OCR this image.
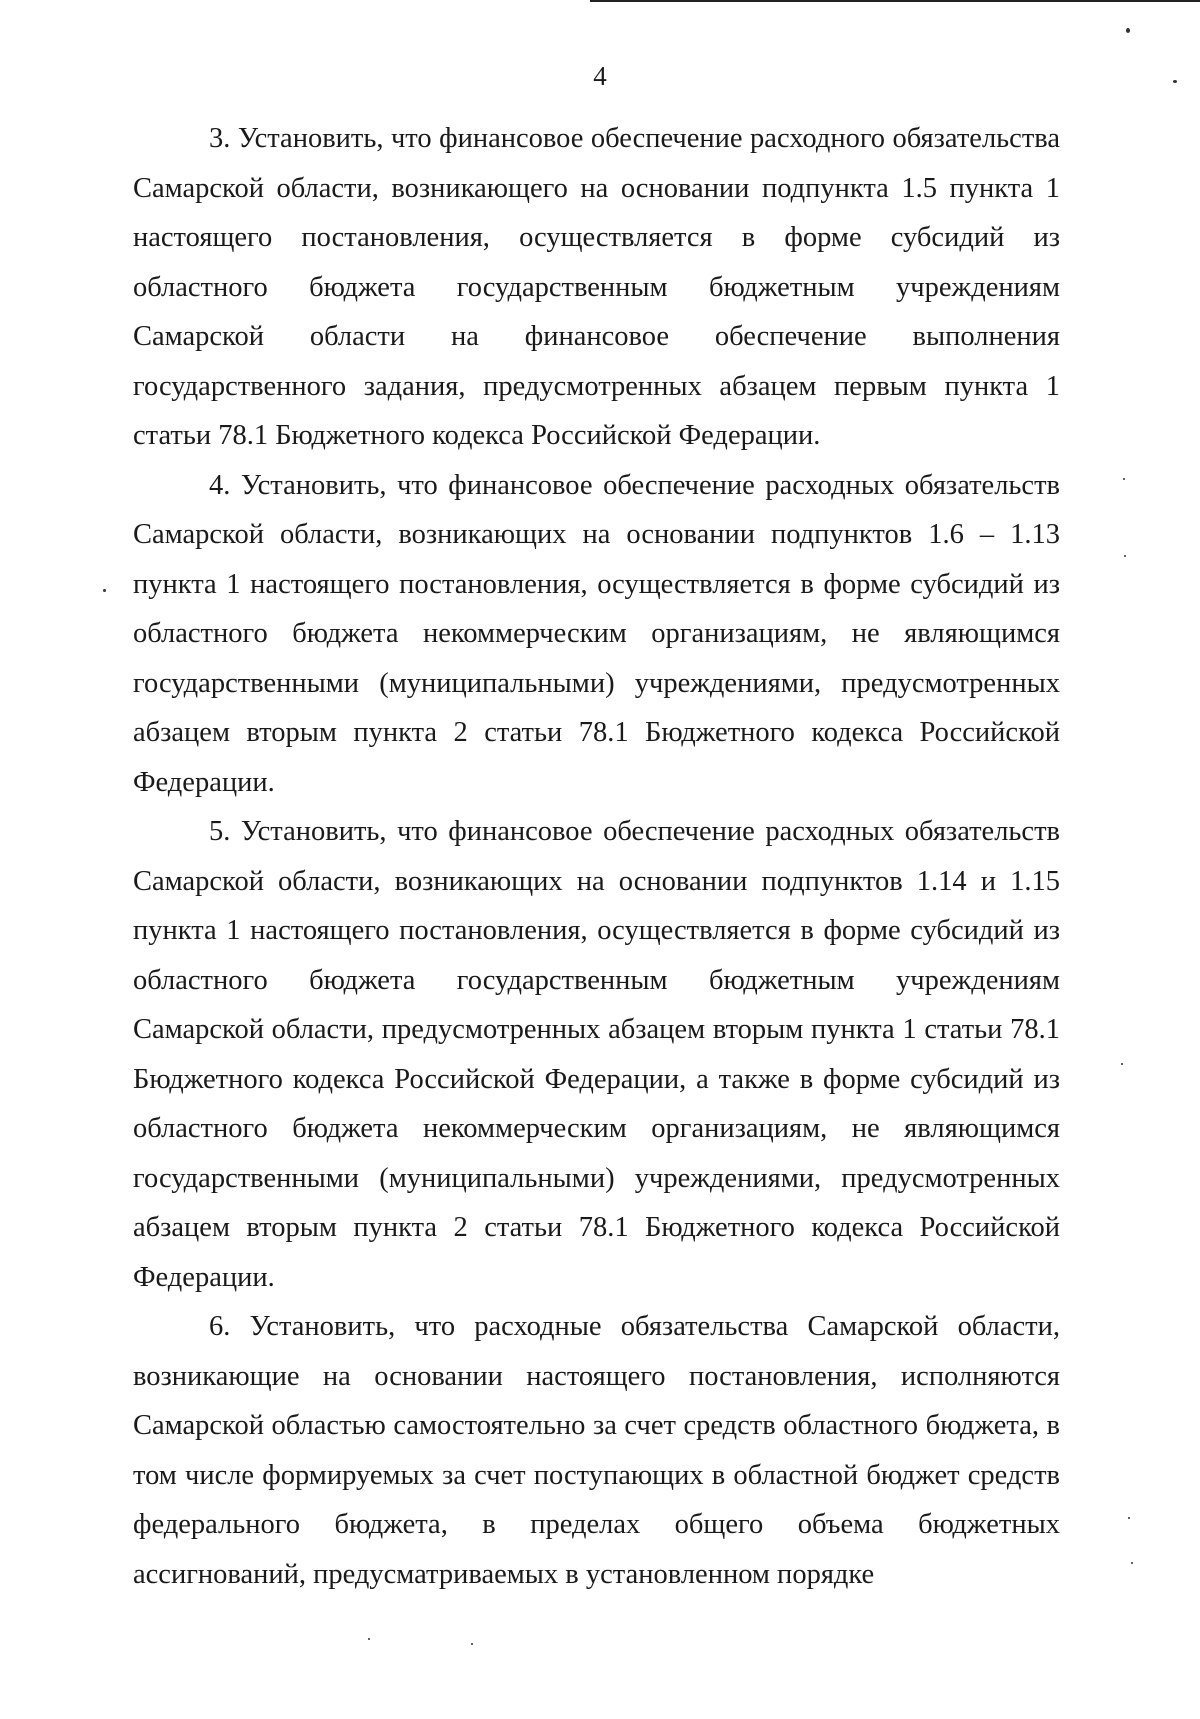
4

3. Установить, что финансовое обеспечение расходного обязательства Самарской области, возникающего на основании подпункта 1.5 пункта 1 настоящего постановления, осуществляется в форме субсидий из областного бюджета государственным бюджетным учреждениям Самарской области на финансовое обеспечение выполнения государственного задания, предусмотренных абзацем первым пункта 1 статьи 78.1 Бюджетного кодекса Российской Федерации.

4. Установить, что финансовое обеспечение расходных обязательств Самарской области, возникающих на основании подпунктов 1.6 – 1.13 пункта 1 настоящего постановления, осуществляется в форме субсидий из областного бюджета некоммерческим организациям, не являющимся государственными (муниципальными) учреждениями, предусмотренных абзацем вторым пункта 2 статьи 78.1 Бюджетного кодекса Российской Федерации.

5. Установить, что финансовое обеспечение расходных обязательств Самарской области, возникающих на основании подпунктов 1.14 и 1.15 пункта 1 настоящего постановления, осуществляется в форме субсидий из областного бюджета государственным бюджетным учреждениям Самарской области, предусмотренных абзацем вторым пункта 1 статьи 78.1 Бюджетного кодекса Российской Федерации, а также в форме субсидий из областного бюджета некоммерческим организациям, не являющимся государственными (муниципальными) учреждениями, предусмотренных абзацем вторым пункта 2 статьи 78.1 Бюджетного кодекса Российской Федерации.

6. Установить, что расходные обязательства Самарской области, возникающие на основании настоящего постановления, исполняются Самарской областью самостоятельно за счет средств областного бюджета, в том числе формируемых за счет поступающих в областной бюджет средств федерального бюджета, в пределах общего объема бюджетных ассигнований, предусматриваемых в установленном порядке
